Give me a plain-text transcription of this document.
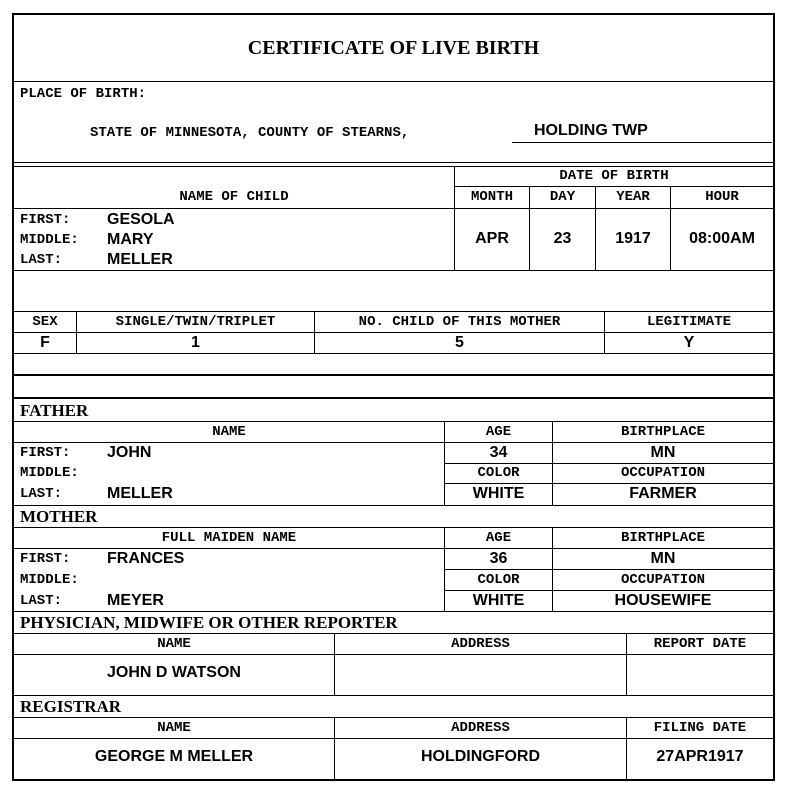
CERTIFICATE OF LIVE BIRTH
PLACE OF BIRTH:
STATE OF MINNESOTA, COUNTY OF STEARNS,	HOLDING TWP
DATE OF BIRTH
NAME OF CHILD	MONTH	DAY	YEAR	HOUR
FIRST: GESOLA
MIDDLE: MARY
LAST:	MELLER
APR	23	1917	08:00AM
SEX	SINGLE/TWIN/TRIPLET	NO. CHILD OF THIS MOTHER	LEGITIMATE
F	1	5	Y
FATHER
NAME	AGE	BIRTHPLACE
FIRST: JOHN	34	MN
MIDDLE:	COLOR	OCCUPATION
LAST:	MELLER	WHITE	FARMER
MOTHER
FULL MAIDEN NAME	AGE	BIRTHPLACE
FIRST: FRANCES	36	MN
MIDDLE:	COLOR	OCCUPATION
LAST:	MEYER	WHITE	HOUSEWIFE
PHYSICIAN, MIDWIFE OR OTHER REPORTER
NAME	ADDRESS	REPORT DATE
JOHN D WATSON
REGISTRAR
NAME	ADDRESS	FILING DATE
GEORGE M MELLER	HOLDINGFORD	27APR1917
